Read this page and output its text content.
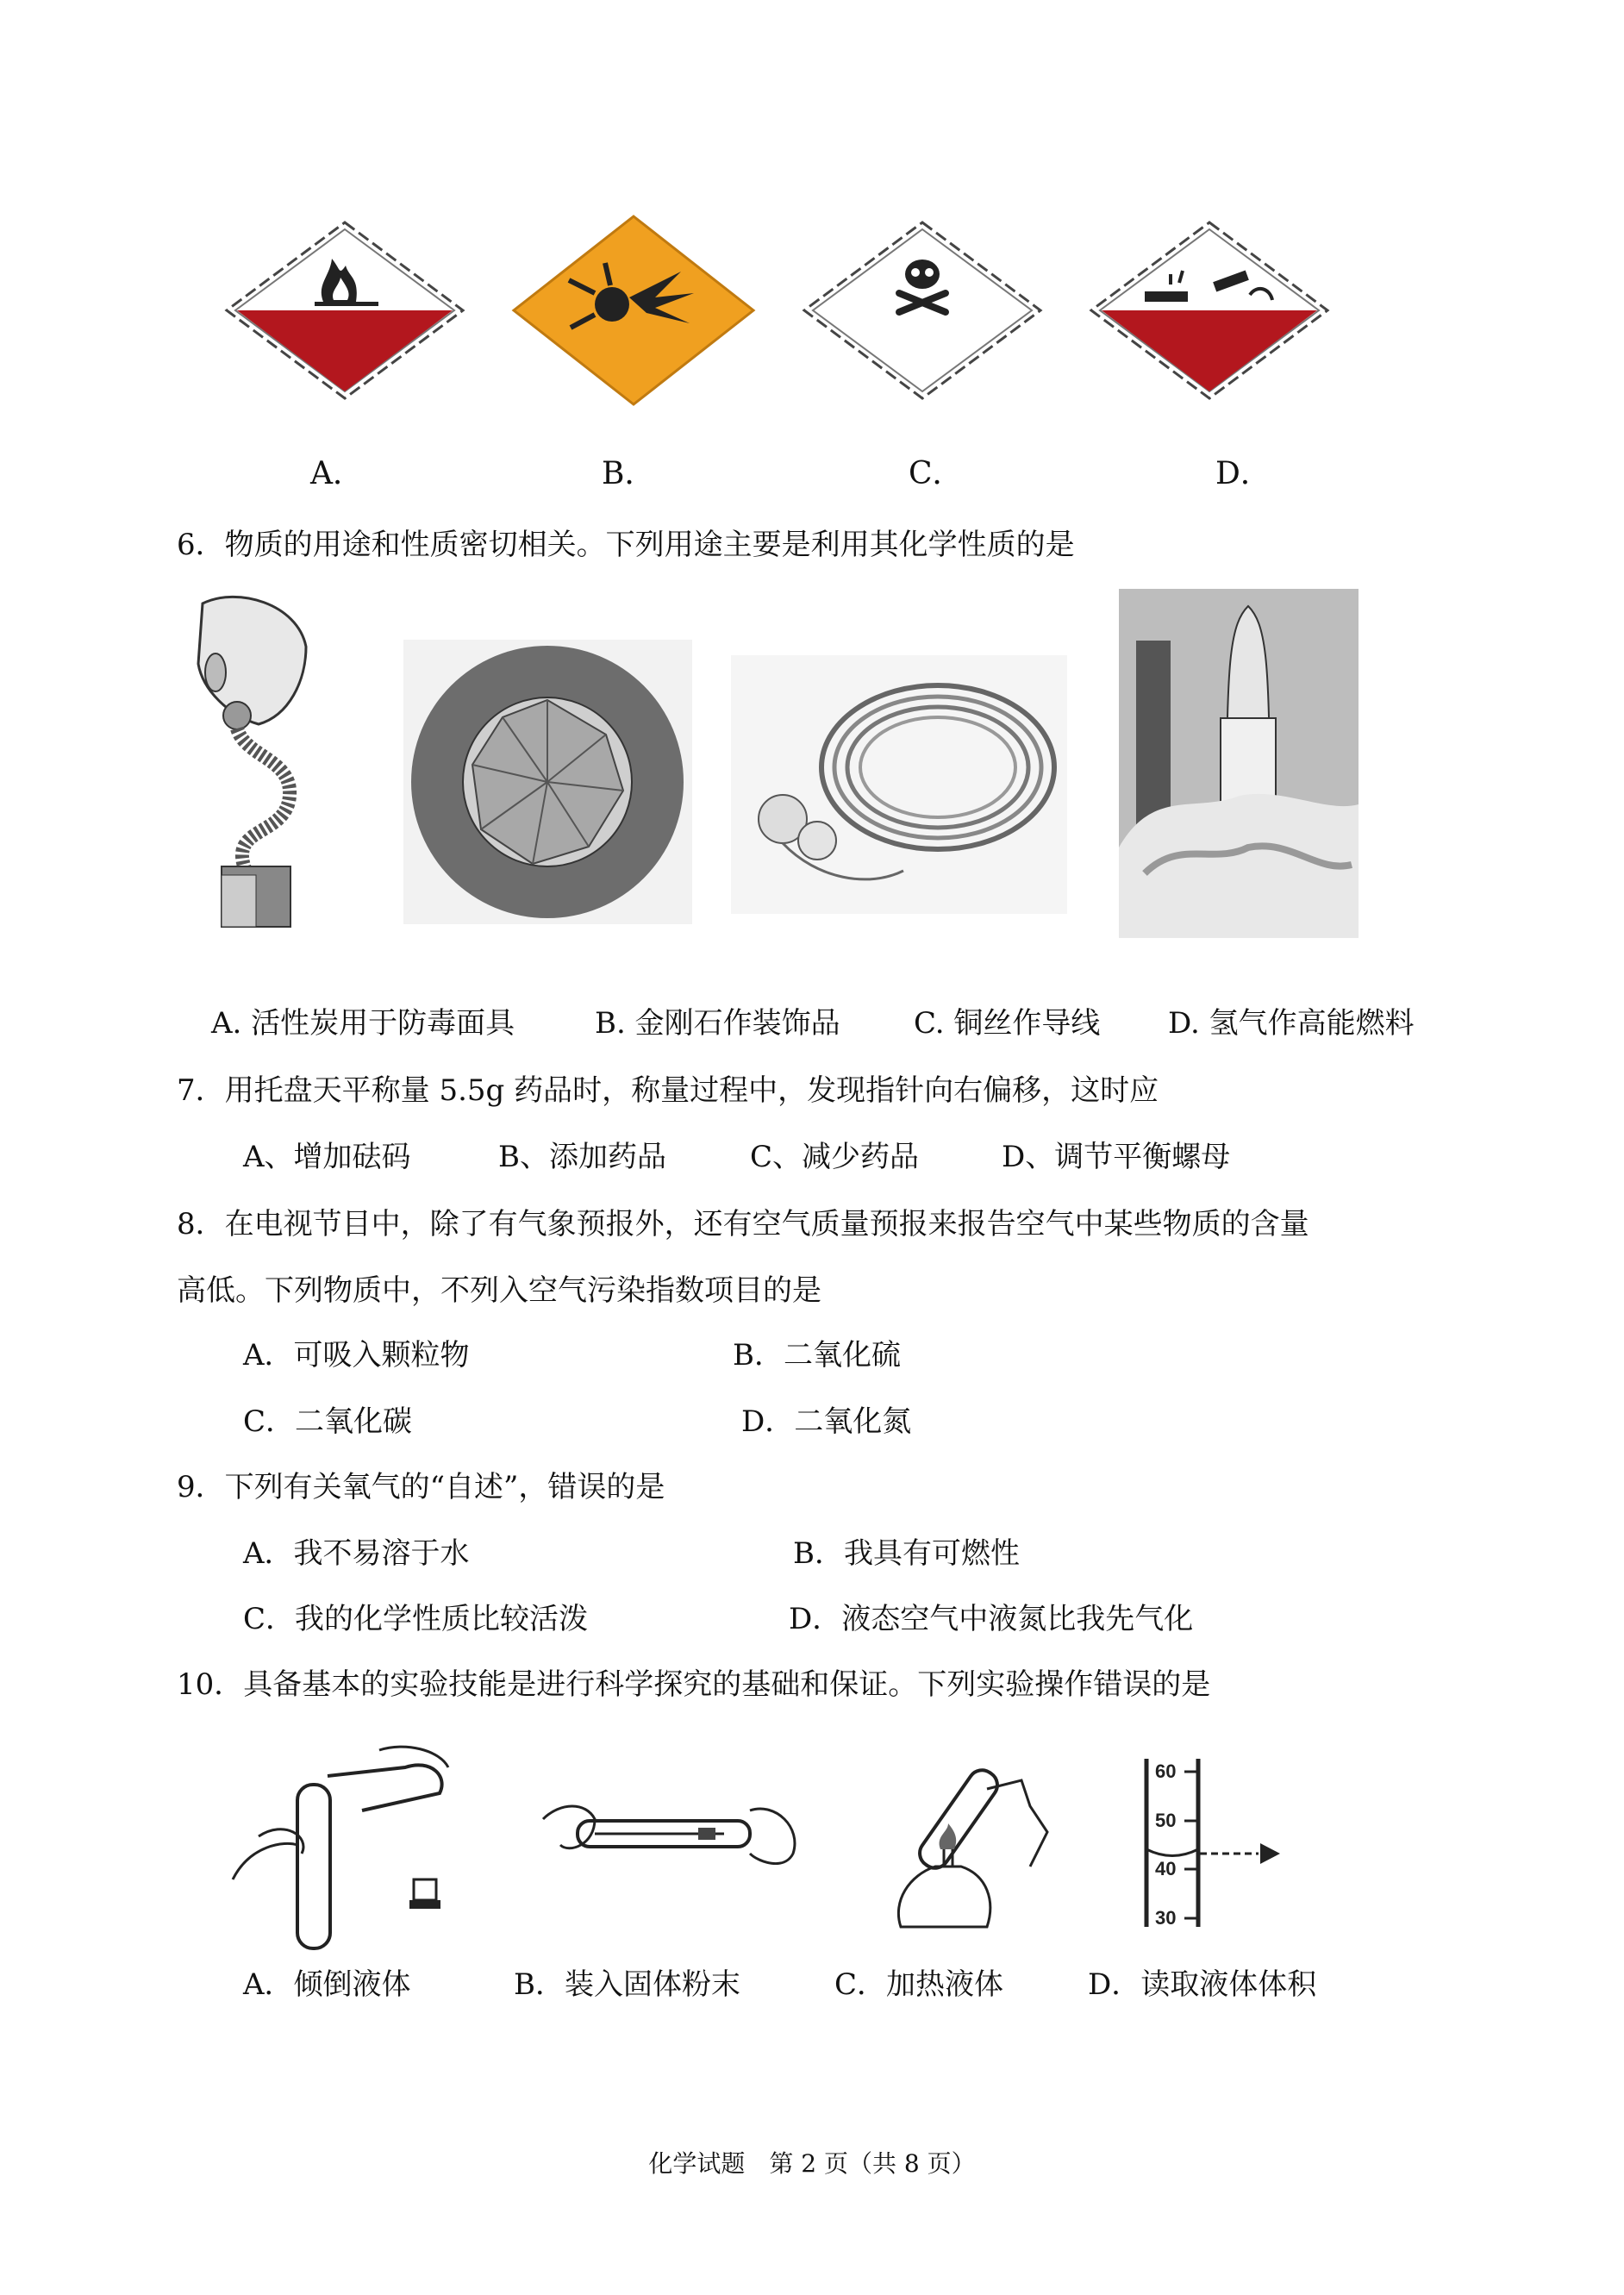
A．	B．	C．	D．
6．物质的用途和性质密切相关。下列用途主要是利用其化学性质的是
A. 活性炭用于防毒面具	B. 金刚石作装饰品	C. 铜丝作导线 D. 氢气作高能燃料
7．用托盘天平称量 5.5g 药品时，称量过程中，发现指针向右偏移，这时应
A、增加砝码	B、添加药品	C、减少药品	D、调节平衡螺母
8．在电视节目中，除了有气象预报外，还有空气质量预报来报告空气中某些物质的含量
高低。下列物质中，不列入空气污染指数项目的是
A．可吸入颗粒物	B．二氧化硫
C．二氧化碳	D．二氧化氮
9．下列有关氧气的“自述”，错误的是
A．我不易溶于水	B．我具有可燃性
C．我的化学性质比较活泼	D．液态空气中液氮比我先气化
10．具备基本的实验技能是进行科学探究的基础和保证。下列实验操作错误的是
60
50
40
30
A．倾倒液体	B．装入固体粉末	C．加热液体	D．读取液体体积
化学试题　第 2 页（共 8 页）
